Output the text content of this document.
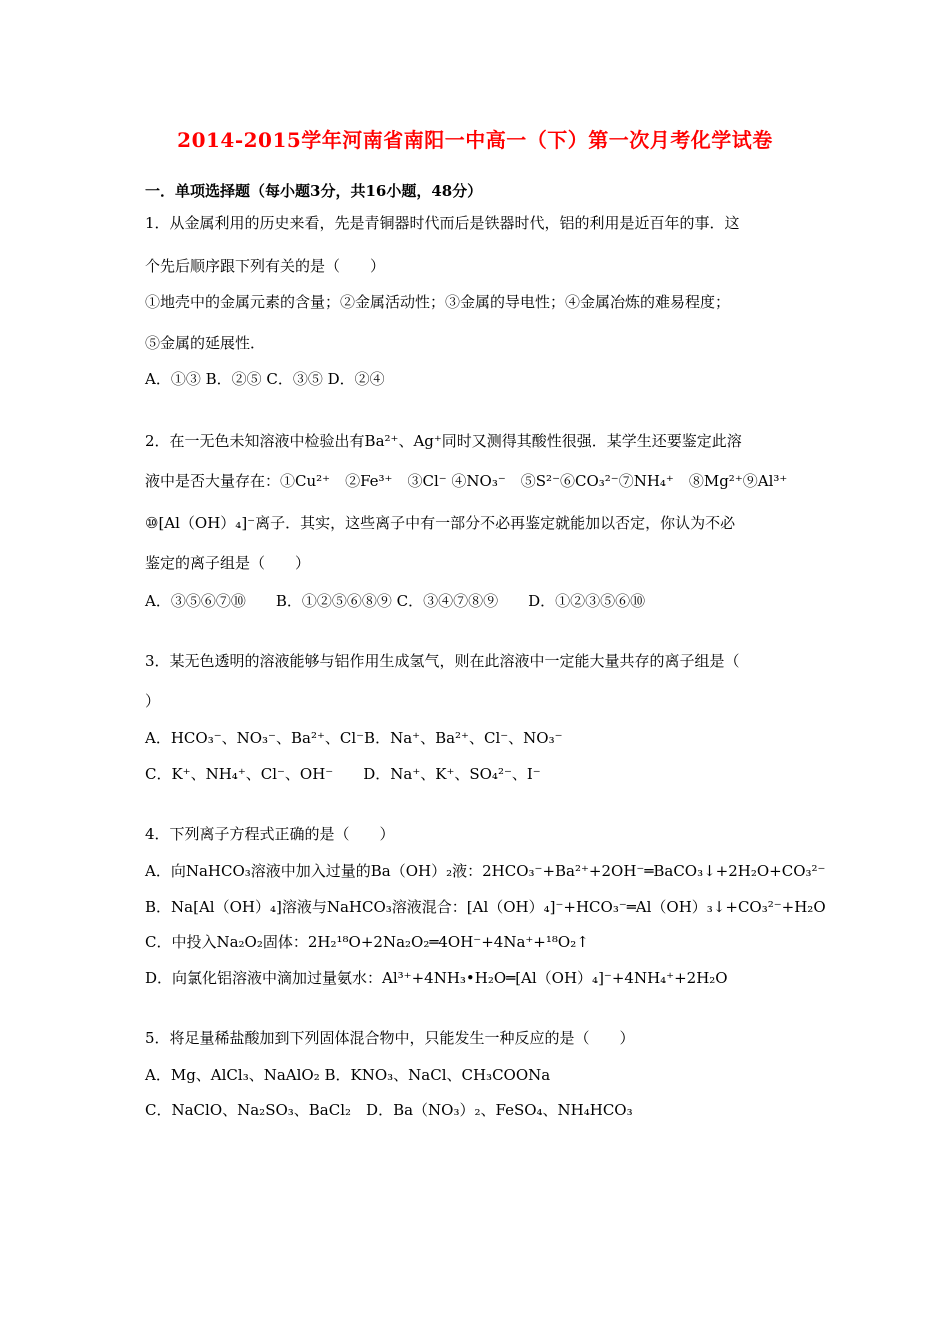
2014-2015学年河南省南阳一中高一（下）第一次月考化学试卷
一．单项选择题（每小题3分，共16小题，48分）
1．从金属利用的历史来看，先是青铜器时代而后是铁器时代，铝的利用是近百年的事．这
个先后顺序跟下列有关的是（　　）
①地壳中的金属元素的含量；②金属活动性；③金属的导电性；④金属冶炼的难易程度；
⑤金属的延展性．
A．①③ B．②⑤ C．③⑤ D．②④
2．在一无色未知溶液中检验出有Ba²⁺、Ag⁺同时又测得其酸性很强．某学生还要鉴定此溶
液中是否大量存在：①Cu²⁺　②Fe³⁺　③Cl⁻ ④NO₃⁻　⑤S²⁻⑥CO₃²⁻⑦NH₄⁺　⑧Mg²⁺⑨Al³⁺
⑩[Al（OH）₄]⁻离子．其实，这些离子中有一部分不必再鉴定就能加以否定，你认为不必
鉴定的离子组是（　　）
A．③⑤⑥⑦⑩　　B．①②⑤⑥⑧⑨ C．③④⑦⑧⑨　　D．①②③⑤⑥⑩
3．某无色透明的溶液能够与铝作用生成氢气，则在此溶液中一定能大量共存的离子组是（
）
A．HCO₃⁻、NO₃⁻、Ba²⁺、Cl⁻B．Na⁺、Ba²⁺、Cl⁻、NO₃⁻
C．K⁺、NH₄⁺、Cl⁻、OH⁻　　D．Na⁺、K⁺、SO₄²⁻、I⁻
4．下列离子方程式正确的是（　　）
A．向NaHCO₃溶液中加入过量的Ba（OH）₂液：2HCO₃⁻+Ba²⁺+2OH⁻═BaCO₃↓+2H₂O+CO₃²⁻
B．Na[Al（OH）₄]溶液与NaHCO₃溶液混合：[Al（OH）₄]⁻+HCO₃⁻═Al（OH）₃↓+CO₃²⁻+H₂O
C．中投入Na₂O₂固体：2H₂¹⁸O+2Na₂O₂═4OH⁻+4Na⁺+¹⁸O₂↑
D．向氯化铝溶液中滴加过量氨水：Al³⁺+4NH₃•H₂O═[Al（OH）₄]⁻+4NH₄⁺+2H₂O
5．将足量稀盐酸加到下列固体混合物中，只能发生一种反应的是（　　）
A．Mg、AlCl₃、NaAlO₂ B．KNO₃、NaCl、CH₃COONa
C．NaClO、Na₂SO₃、BaCl₂　D．Ba（NO₃）₂、FeSO₄、NH₄HCO₃
